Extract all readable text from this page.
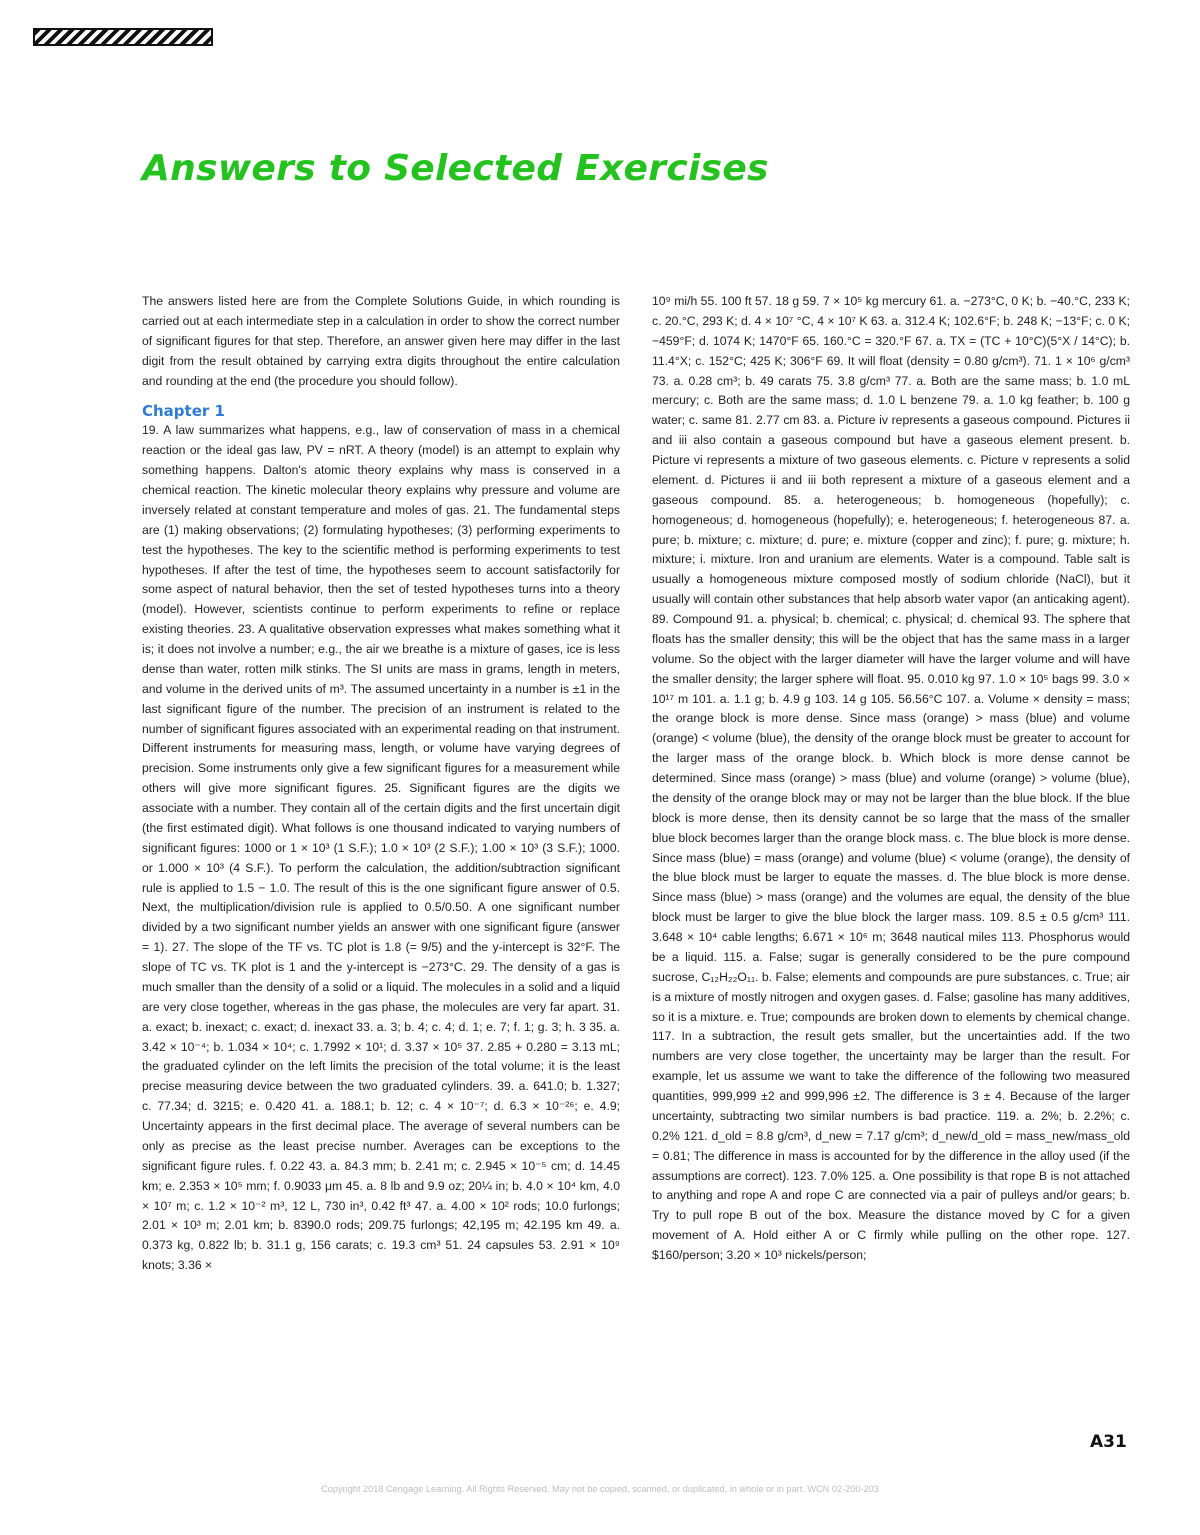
Answers to Selected Exercises

The answers listed here are from the Complete Solutions Guide, in which rounding is carried out at each intermediate step in a calculation in order to show the correct number of significant figures for that step. Therefore, an answer given here may differ in the last digit from the result obtained by carrying extra digits throughout the entire calculation and rounding at the end (the procedure you should follow).

Chapter 1

19. A law summarizes what happens, e.g., law of conservation of mass in a chemical reaction or the ideal gas law, PV = nRT. A theory (model) is an attempt to explain why something happens. Dalton's atomic theory explains why mass is conserved in a chemical reaction. The kinetic molecular theory explains why pressure and volume are inversely related at constant temperature and moles of gas. 21. The fundamental steps are (1) making observations; (2) formulating hypotheses; (3) performing experiments to test the hypotheses. The key to the scientific method is performing experiments to test hypotheses. If after the test of time, the hypotheses seem to account satisfactorily for some aspect of natural behavior, then the set of tested hypotheses turns into a theory (model). However, scientists continue to perform experiments to refine or replace existing theories. 23. A qualitative observation expresses what makes something what it is; it does not involve a number; e.g., the air we breathe is a mixture of gases, ice is less dense than water, rotten milk stinks. The SI units are mass in grams, length in meters, and volume in the derived units of m³. The assumed uncertainty in a number is ±1 in the last significant figure of the number. The precision of an instrument is related to the number of significant figures associated with an experimental reading on that instrument. Different instruments for measuring mass, length, or volume have varying degrees of precision. Some instruments only give a few significant figures for a measurement while others will give more significant figures. 25. Significant figures are the digits we associate with a number. They contain all of the certain digits and the first uncertain digit (the first estimated digit). What follows is one thousand indicated to varying numbers of significant figures: 1000 or 1 × 10³ (1 S.F.); 1.0 × 10³ (2 S.F.); 1.00 × 10³ (3 S.F.); 1000. or 1.000 × 10³ (4 S.F.). To perform the calculation, the addition/subtraction significant rule is applied to 1.5 − 1.0. The result of this is the one significant figure answer of 0.5. Next, the multiplication/division rule is applied to 0.5/0.50. A one significant number divided by a two significant number yields an answer with one significant figure (answer = 1). 27. The slope of the TF vs. TC plot is 1.8 (= 9/5) and the y-intercept is 32°F. The slope of TC vs. TK plot is 1 and the y-intercept is −273°C. 29. The density of a gas is much smaller than the density of a solid or a liquid. The molecules in a solid and a liquid are very close together, whereas in the gas phase, the molecules are very far apart. 31. a. exact; b. inexact; c. exact; d. inexact 33. a. 3; b. 4; c. 4; d. 1; e. 7; f. 1; g. 3; h. 3 35. a. 3.42 × 10⁻⁴; b. 1.034 × 10⁴; c. 1.7992 × 10¹; d. 3.37 × 10⁵ 37. 2.85 + 0.280 = 3.13 mL; the graduated cylinder on the left limits the precision of the total volume; it is the least precise measuring device between the two graduated cylinders. 39. a. 641.0; b. 1.327; c. 77.34; d. 3215; e. 0.420 41. a. 188.1; b. 12; c. 4 × 10⁻⁷; d. 6.3 × 10⁻²⁶; e. 4.9; Uncertainty appears in the first decimal place. The average of several numbers can be only as precise as the least precise number. Averages can be exceptions to the significant figure rules. f. 0.22 43. a. 84.3 mm; b. 2.41 m; c. 2.945 × 10⁻⁵ cm; d. 14.45 km; e. 2.353 × 10⁵ mm; f. 0.9033 μm 45. a. 8 lb and 9.9 oz; 20¼ in; b. 4.0 × 10⁴ km, 4.0 × 10⁷ m; c. 1.2 × 10⁻² m³, 12 L, 730 in³, 0.42 ft³ 47. a. 4.00 × 10² rods; 10.0 furlongs; 2.01 × 10³ m; 2.01 km; b. 8390.0 rods; 209.75 furlongs; 42,195 m; 42.195 km 49. a. 0.373 kg, 0.822 lb; b. 31.1 g, 156 carats; c. 19.3 cm³ 51. 24 capsules 53. 2.91 × 10⁹ knots; 3.36 ×

10⁹ mi/h 55. 100 ft 57. 18 g 59. 7 × 10⁵ kg mercury 61. a. −273°C, 0 K; b. −40.°C, 233 K; c. 20.°C, 293 K; d. 4 × 10⁷ °C, 4 × 10⁷ K 63. a. 312.4 K; 102.6°F; b. 248 K; −13°F; c. 0 K; −459°F; d. 1074 K; 1470°F 65. 160.°C = 320.°F 67. a. TX = (TC + 10°C)(5°X / 14°C); b. 11.4°X; c. 152°C; 425 K; 306°F 69. It will float (density = 0.80 g/cm³). 71. 1 × 10⁶ g/cm³ 73. a. 0.28 cm³; b. 49 carats 75. 3.8 g/cm³ 77. a. Both are the same mass; b. 1.0 mL mercury; c. Both are the same mass; d. 1.0 L benzene 79. a. 1.0 kg feather; b. 100 g water; c. same 81. 2.77 cm 83. a. Picture iv represents a gaseous compound. Pictures ii and iii also contain a gaseous compound but have a gaseous element present. b. Picture vi represents a mixture of two gaseous elements. c. Picture v represents a solid element. d. Pictures ii and iii both represent a mixture of a gaseous element and a gaseous compound. 85. a. heterogeneous; b. homogeneous (hopefully); c. homogeneous; d. homogeneous (hopefully); e. heterogeneous; f. heterogeneous 87. a. pure; b. mixture; c. mixture; d. pure; e. mixture (copper and zinc); f. pure; g. mixture; h. mixture; i. mixture. Iron and uranium are elements. Water is a compound. Table salt is usually a homogeneous mixture composed mostly of sodium chloride (NaCl), but it usually will contain other substances that help absorb water vapor (an anticaking agent). 89. Compound 91. a. physical; b. chemical; c. physical; d. chemical 93. The sphere that floats has the smaller density; this will be the object that has the same mass in a larger volume. So the object with the larger diameter will have the larger volume and will have the smaller density; the larger sphere will float. 95. 0.010 kg 97. 1.0 × 10⁵ bags 99. 3.0 × 10¹⁷ m 101. a. 1.1 g; b. 4.9 g 103. 14 g 105. 56.56°C 107. a. Volume × density = mass; the orange block is more dense. Since mass (orange) > mass (blue) and volume (orange) < volume (blue), the density of the orange block must be greater to account for the larger mass of the orange block. b. Which block is more dense cannot be determined. Since mass (orange) > mass (blue) and volume (orange) > volume (blue), the density of the orange block may or may not be larger than the blue block. If the blue block is more dense, then its density cannot be so large that the mass of the smaller blue block becomes larger than the orange block mass. c. The blue block is more dense. Since mass (blue) = mass (orange) and volume (blue) < volume (orange), the density of the blue block must be larger to equate the masses. d. The blue block is more dense. Since mass (blue) > mass (orange) and the volumes are equal, the density of the blue block must be larger to give the blue block the larger mass. 109. 8.5 ± 0.5 g/cm³ 111. 3.648 × 10⁴ cable lengths; 6.671 × 10⁶ m; 3648 nautical miles 113. Phosphorus would be a liquid. 115. a. False; sugar is generally considered to be the pure compound sucrose, C₁₂H₂₂O₁₁. b. False; elements and compounds are pure substances. c. True; air is a mixture of mostly nitrogen and oxygen gases. d. False; gasoline has many additives, so it is a mixture. e. True; compounds are broken down to elements by chemical change. 117. In a subtraction, the result gets smaller, but the uncertainties add. If the two numbers are very close together, the uncertainty may be larger than the result. For example, let us assume we want to take the difference of the following two measured quantities, 999,999 ±2 and 999,996 ±2. The difference is 3 ± 4. Because of the larger uncertainty, subtracting two similar numbers is bad practice. 119. a. 2%; b. 2.2%; c. 0.2% 121. d_old = 8.8 g/cm³, d_new = 7.17 g/cm³; d_new/d_old = mass_new/mass_old = 0.81; The difference in mass is accounted for by the difference in the alloy used (if the assumptions are correct). 123. 7.0% 125. a. One possibility is that rope B is not attached to anything and rope A and rope C are connected via a pair of pulleys and/or gears; b. Try to pull rope B out of the box. Measure the distance moved by C for a given movement of A. Hold either A or C firmly while pulling on the other rope. 127. $160/person; 3.20 × 10³ nickels/person;

A31
Copyright 2018 Cengage Learning. All Rights Reserved. May not be copied, scanned, or duplicated, in whole or in part. WCN 02-200-203
